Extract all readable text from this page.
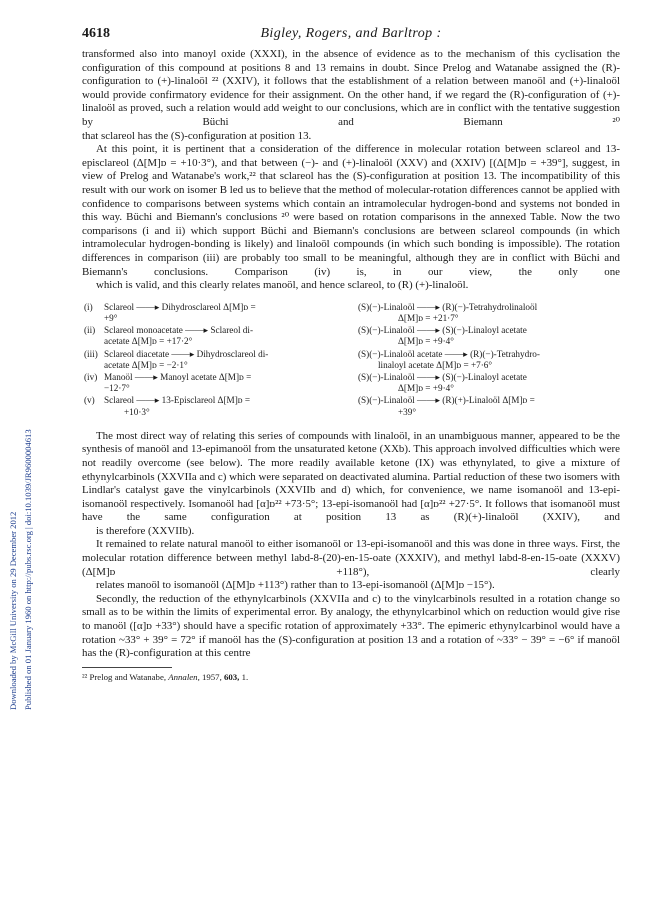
Downloaded by McGill University on 29 December 2012 Published on 01 January 1960 on http://pubs.rsc.org | doi:10.1039/JR9600004613
4618	Bigley, Rogers, and Barltrop :

transformed also into manoyl oxide (XXXI), in the absence of evidence as to the mechanism of this cyclisation the configuration of this compound at positions 8 and 13 remains in doubt. Since Prelog and Watanabe assigned the (R)-configuration to (+)-linaloöl ²² (XXIV), it follows that the establishment of a relation between manoöl and (+)-linaloöl would provide confirmatory evidence for their assignment. On the other hand, if we regard the (R)-configuration of (+)-linaloöl as proved, such a relation would add weight to our conclusions, which are in conflict with the tentative suggestion by Büchi and Biemann ²⁰
that sclareol has the (S)-configuration at position 13.

At this point, it is pertinent that a consideration of the difference in molecular rotation between sclareol and 13-episclareol (Δ[M]ᴅ = +10·3°), and that between (−)- and (+)-linaloöl (XXV) and (XXIV) [(Δ[M]ᴅ = +39°], suggest, in view of Prelog and Watanabe's work,²² that sclareol has the (S)-configuration at position 13. The incompatibility of this result with our work on isomer B led us to believe that the method of molecular-rotation differences cannot be applied with confidence to comparisons between systems which contain an intramolecular hydrogen-bond and systems not bonded in this way. Büchi and Biemann's conclusions ²⁰ were based on rotation comparisons in the annexed Table. Now the two comparisons (i and ii) which support Büchi and Biemann's conclusions are between sclareol compounds (in which intramolecular hydrogen-bonding is likely) and linaloöl compounds (in which such bonding is impossible). The rotation differences in comparison (iii) are probably too small to be meaningful, although they are in conflict with Büchi and Biemann's conclusions. Comparison (iv) is, in our view, the only one
which is valid, and this clearly relates manoöl, and hence sclareol, to (R) (+)-linaloöl.

(i) Sclareol ——▸ Dihydrosclareol Δ[M]ᴅ =
+9°
(ii) Sclareol monoacetate ——▸ Sclareol di-
acetate Δ[M]ᴅ = +17·2°
(iii) Sclareol diacetate ——▸ Dihydrosclareol di-
acetate Δ[M]ᴅ = −2·1°
(iv) Manoöl ——▸ Manoyl acetate Δ[M]ᴅ =
−12·7°
(v) Sclareol ——▸ 13-Episclareol Δ[M]ᴅ =
+10·3°
(S)(−)-Linaloöl ——▸ (R)(−)-Tetrahydrolinaloöl
Δ[M]ᴅ = +21·7°
(S)(−)-Linaloöl ——▸ (S)(−)-Linaloyl acetate
Δ[M]ᴅ = +9·4°
(S)(−)-Linaloöl acetate ——▸ (R)(−)-Tetrahydro-
linaloyl acetate Δ[M]ᴅ = +7·6°
(S)(−)-Linaloöl ——▸ (S)(−)-Linaloyl acetate
Δ[M]ᴅ = +9·4°
(S)(−)-Linaloöl ——▸ (R)(+)-Linaloöl Δ[M]ᴅ =
+39°

The most direct way of relating this series of compounds with linaloöl, in an unambiguous manner, appeared to be the synthesis of manoöl and 13-epimanoöl from the unsaturated ketone (XXb). This approach involved difficulties which were not readily overcome (see below). The more readily available ketone (IX) was ethynylated, to give a mixture of ethynylcarbinols (XXVIIa and c) which were separated on deactivated alumina. Partial reduction of these two isomers with Lindlar's catalyst gave the vinylcarbinols (XXVIIb and d) which, for convenience, we name isomanoöl and 13-epi-isomanoöl respectively. Isomanoöl had [α]ᴅ²² +73·5°; 13-epi-isomanoöl had [α]ᴅ²² +27·5°. It follows that isomanoöl must have the same configuration at position 13 as (R)(+)-linaloöl (XXIV), and
is therefore (XXVIIb).

It remained to relate natural manoöl to either isomanoöl or 13-epi-isomanoöl and this was done in three ways. First, the molecular rotation difference between methyl labd-8-(20)-en-15-oate (XXXIV), and methyl labd-8-en-15-oate (XXXV) (Δ[M]ᴅ +118°), clearly
relates manoöl to isomanoöl (Δ[M]ᴅ +113°) rather than to 13-epi-isomanoöl (Δ[M]ᴅ −15°).

Secondly, the reduction of the ethynylcarbinols (XXVIIa and c) to the vinylcarbinols resulted in a rotation change so small as to be within the limits of experimental error. By analogy, the ethynylcarbinol which on reduction would give rise to manoöl ([α]ᴅ +33°) should have a specific rotation of approximately +33°. The epimeric ethynylcarbinol would have a rotation ~33° + 39° = 72° if manoöl has the (S)-configuration at position 13 and a rotation of ~33° − 39° = −6° if manoöl has the (R)-configuration at this centre

²² Prelog and Watanabe, Annalen, 1957, 603, 1.
